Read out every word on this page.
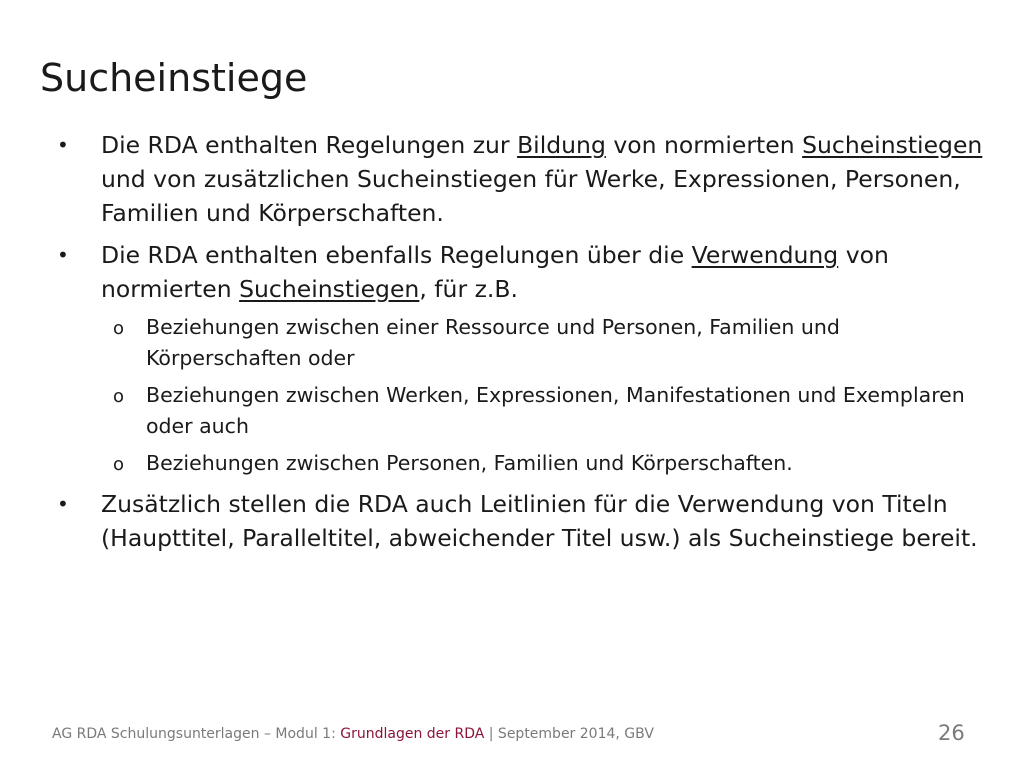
Sucheinstiege
• Die RDA enthalten Regelungen zur Bildung von normierten Sucheinstiegen und von zusätzlichen Sucheinstiegen für Werke, Expressionen, Personen, Familien und Körperschaften.
• Die RDA enthalten ebenfalls Regelungen über die Verwendung von normierten Sucheinstiegen, für z.B.
o Beziehungen zwischen einer Ressource und Personen, Familien und Körperschaften oder
o Beziehungen zwischen Werken, Expressionen, Manifestationen und Exemplaren oder auch
o Beziehungen zwischen Personen, Familien und Körperschaften.
• Zusätzlich stellen die RDA auch Leitlinien für die Verwendung von Titeln (Haupttitel, Paralleltitel, abweichender Titel usw.) als Sucheinstiege bereit.
AG RDA Schulungsunterlagen – Modul 1: Grundlagen der RDA | September 2014, GBV	26
